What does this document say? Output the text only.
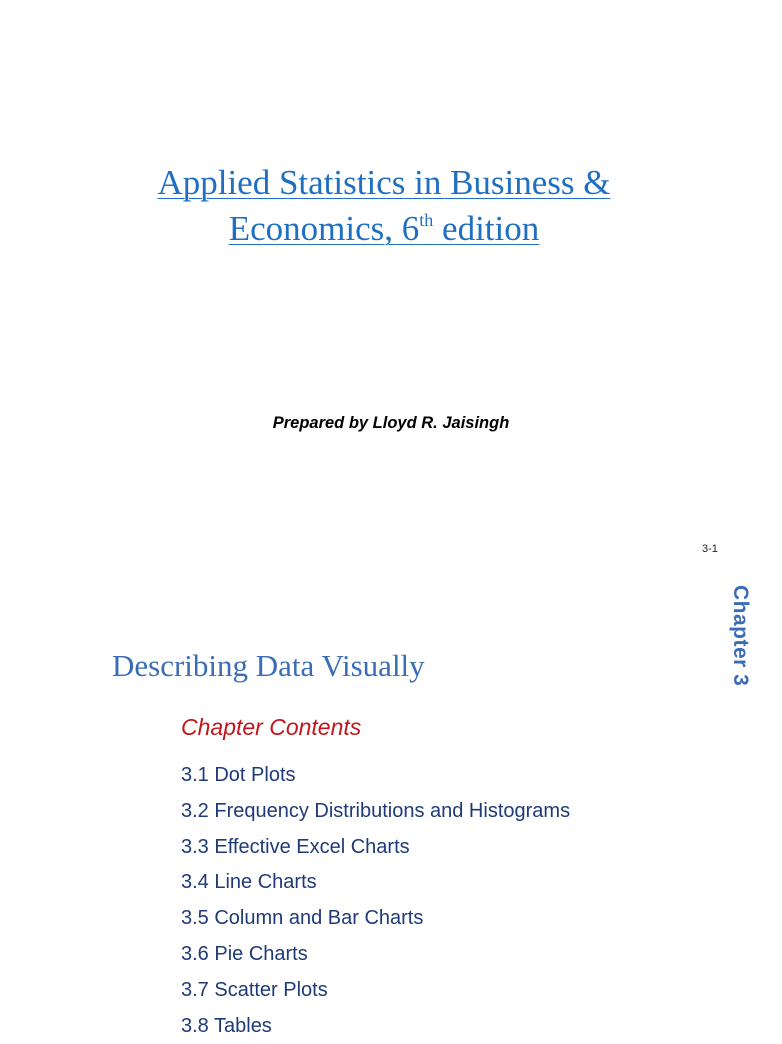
Applied Statistics in Business &
Economics, 6th edition
Prepared by Lloyd R. Jaisingh
3-1
Chapter 3
Describing Data Visually
Chapter Contents
3.1 Dot Plots
3.2 Frequency Distributions and Histograms
3.3 Effective Excel Charts
3.4 Line Charts
3.5 Column and Bar Charts
3.6 Pie Charts
3.7 Scatter Plots
3.8 Tables
